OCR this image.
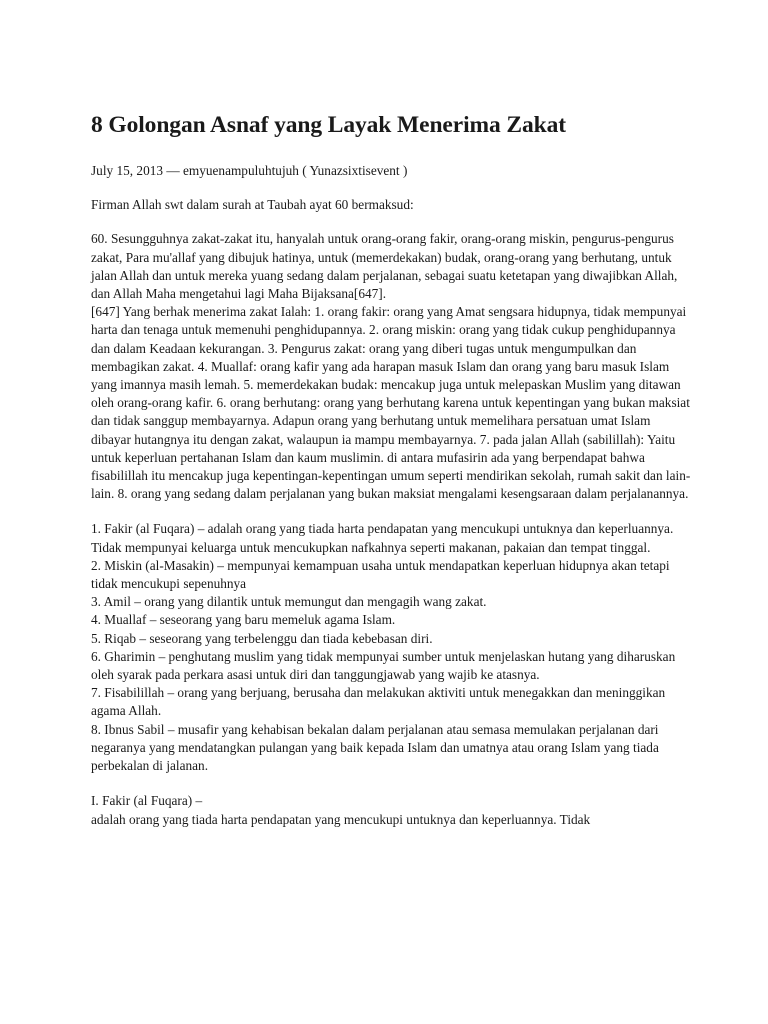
8 Golongan Asnaf yang Layak Menerima Zakat

July 15, 2013 — emyuenampuluhtujuh ( Yunazsixtisevent )

Firman Allah swt dalam surah at Taubah ayat 60 bermaksud:

60. Sesungguhnya zakat-zakat itu, hanyalah untuk orang-orang fakir, orang-orang miskin, pengurus-pengurus zakat, Para mu'allaf yang dibujuk hatinya, untuk (memerdekakan) budak, orang-orang yang berhutang, untuk jalan Allah dan untuk mereka yuang sedang dalam perjalanan, sebagai suatu ketetapan yang diwajibkan Allah, dan Allah Maha mengetahui lagi Maha Bijaksana[647].

[647] Yang berhak menerima zakat Ialah: 1. orang fakir: orang yang Amat sengsara hidupnya, tidak mempunyai harta dan tenaga untuk memenuhi penghidupannya. 2. orang miskin: orang yang tidak cukup penghidupannya dan dalam Keadaan kekurangan. 3. Pengurus zakat: orang yang diberi tugas untuk mengumpulkan dan membagikan zakat. 4. Muallaf: orang kafir yang ada harapan masuk Islam dan orang yang baru masuk Islam yang imannya masih lemah. 5. memerdekakan budak: mencakup juga untuk melepaskan Muslim yang ditawan oleh orang-orang kafir. 6. orang berhutang: orang yang berhutang karena untuk kepentingan yang bukan maksiat dan tidak sanggup membayarnya. Adapun orang yang berhutang untuk memelihara persatuan umat Islam dibayar hutangnya itu dengan zakat, walaupun ia mampu membayarnya. 7. pada jalan Allah (sabilillah): Yaitu untuk keperluan pertahanan Islam dan kaum muslimin. di antara mufasirin ada yang berpendapat bahwa fisabilillah itu mencakup juga kepentingan-kepentingan umum seperti mendirikan sekolah, rumah sakit dan lain-lain. 8. orang yang sedang dalam perjalanan yang bukan maksiat mengalami kesengsaraan dalam perjalanannya.

1. Fakir (al Fuqara) – adalah orang yang tiada harta pendapatan yang mencukupi untuknya dan keperluannya. Tidak mempunyai keluarga untuk mencukupkan nafkahnya seperti makanan, pakaian dan tempat tinggal.

2. Miskin (al-Masakin) – mempunyai kemampuan usaha untuk mendapatkan keperluan hidupnya akan tetapi tidak mencukupi sepenuhnya

3. Amil – orang yang dilantik untuk memungut dan mengagih wang zakat.

4. Muallaf – seseorang yang baru memeluk agama Islam.

5. Riqab – seseorang yang terbelenggu dan tiada kebebasan diri.

6. Gharimin – penghutang muslim yang tidak mempunyai sumber untuk menjelaskan hutang yang diharuskan oleh syarak pada perkara asasi untuk diri dan tanggungjawab yang wajib ke atasnya.

7. Fisabilillah – orang yang berjuang, berusaha dan melakukan aktiviti untuk menegakkan dan meninggikan agama Allah.

8. Ibnus Sabil – musafir yang kehabisan bekalan dalam perjalanan atau semasa memulakan perjalanan dari negaranya yang mendatangkan pulangan yang baik kepada Islam dan umatnya atau orang Islam yang tiada perbekalan di jalanan.

I. Fakir (al Fuqara) –

adalah orang yang tiada harta pendapatan yang mencukupi untuknya dan keperluannya. Tidak
